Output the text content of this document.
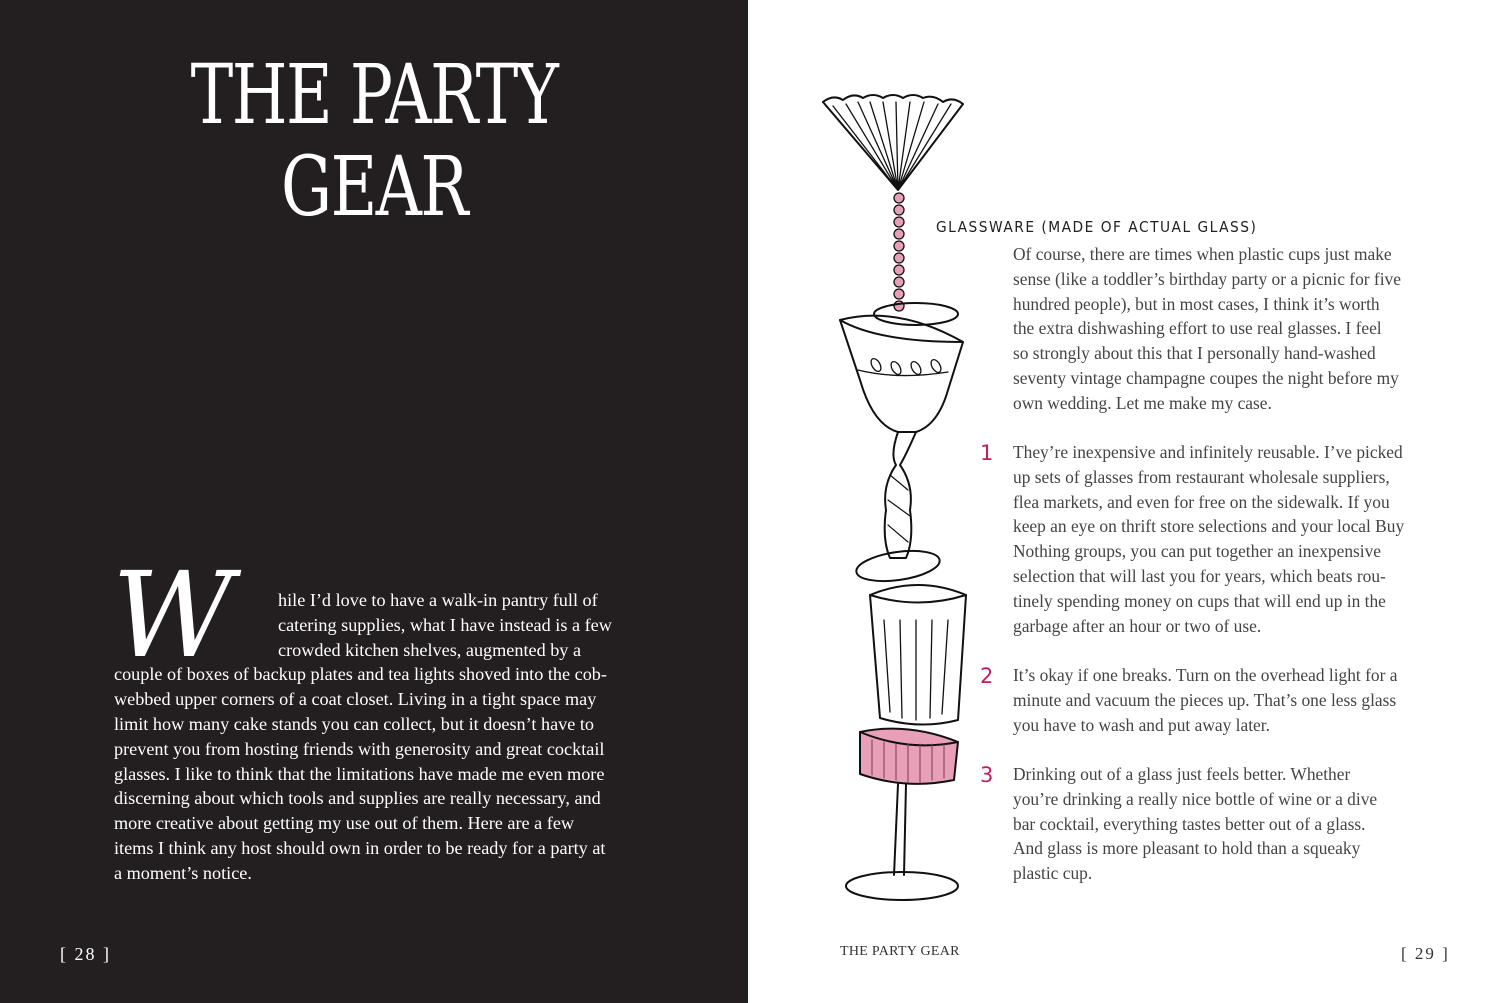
THE PARTY
GEAR
W	hile I’d love to have a walk-in pantry full of
catering supplies, what I have instead is a few
crowded kitchen shelves, augmented by a
couple of boxes of backup plates and tea lights shoved into the cob-
webbed upper corners of a coat closet. Living in a tight space may
limit how many cake stands you can collect, but it doesn’t have to
prevent you from hosting friends with generosity and great cocktail
glasses. I like to think that the limitations have made me even more
discerning about which tools and supplies are really necessary, and
more creative about getting my use out of them. Here are a few
items I think any host should own in order to be ready for a party at
a moment’s notice.
[ 28 ]
GLASSWARE (MADE OF ACTUAL GLASS)
Of course, there are times when plastic cups just make
sense (like a toddler’s birthday party or a picnic for five
hundred people), but in most cases, I think it’s worth
the extra dishwashing effort to use real glasses. I feel
so strongly about this that I personally hand-washed
seventy vintage champagne coupes the night before my
own wedding. Let me make my case.
1 They’re inexpensive and infinitely reusable. I’ve picked
up sets of glasses from restaurant wholesale suppliers,
flea markets, and even for free on the sidewalk. If you
keep an eye on thrift store selections and your local Buy
Nothing groups, you can put together an inexpensive
selection that will last you for years, which beats rou-
tinely spending money on cups that will end up in the
garbage after an hour or two of use.
2 It’s okay if one breaks. Turn on the overhead light for a
minute and vacuum the pieces up. That’s one less glass
you have to wash and put away later.
3 Drinking out of a glass just feels better. Whether
you’re drinking a really nice bottle of wine or a dive
bar cocktail, everything tastes better out of a glass.
And glass is more pleasant to hold than a squeaky
plastic cup.
THE PARTY GEAR	[ 29 ]
